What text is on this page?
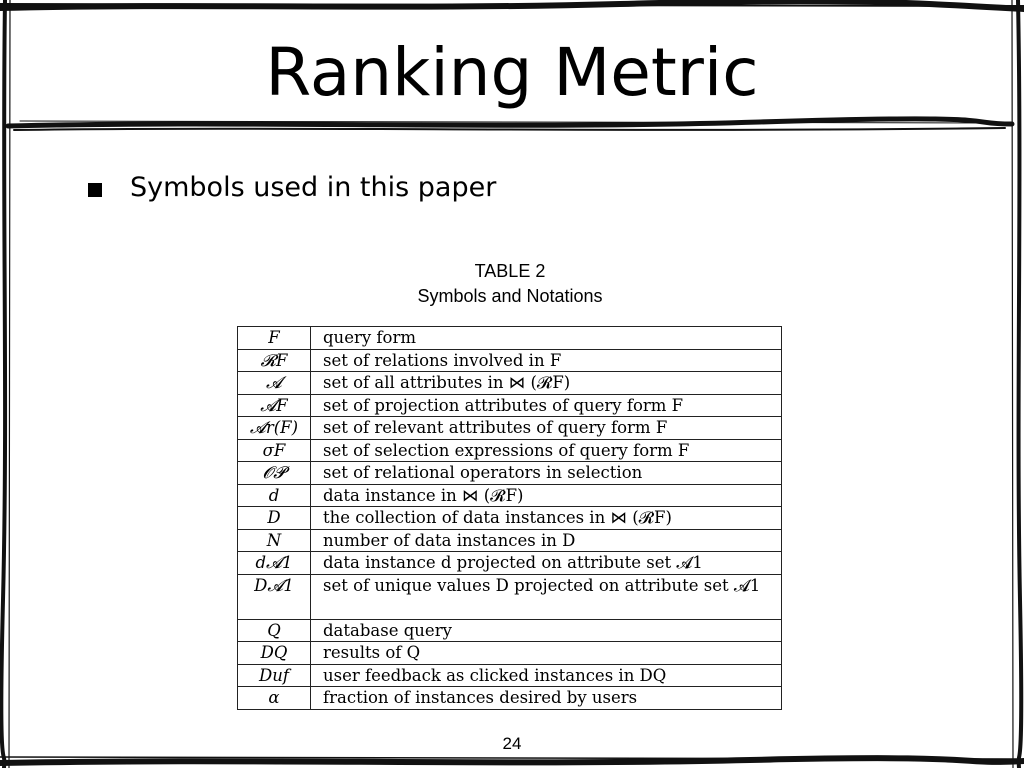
Ranking Metric
Symbols used in this paper
TABLE 2
Symbols and Notations
F	query form
𝓡F	set of relations involved in F
𝓐	set of all attributes in ⋈ (𝓡F)
𝓐F	set of projection attributes of query form F
𝓐r(F)	set of relevant attributes of query form F
σF	set of selection expressions of query form F
𝓞𝓟	set of relational operators in selection
d	data instance in ⋈ (𝓡F)
D	the collection of data instances in ⋈ (𝓡F)
N	number of data instances in D
d𝓐1	data instance d projected on attribute set 𝓐1
D𝓐1	set of unique values D projected on attribute set 𝓐1
Q	database query
DQ	results of Q
Duf	user feedback as clicked instances in DQ
α	fraction of instances desired by users
24
